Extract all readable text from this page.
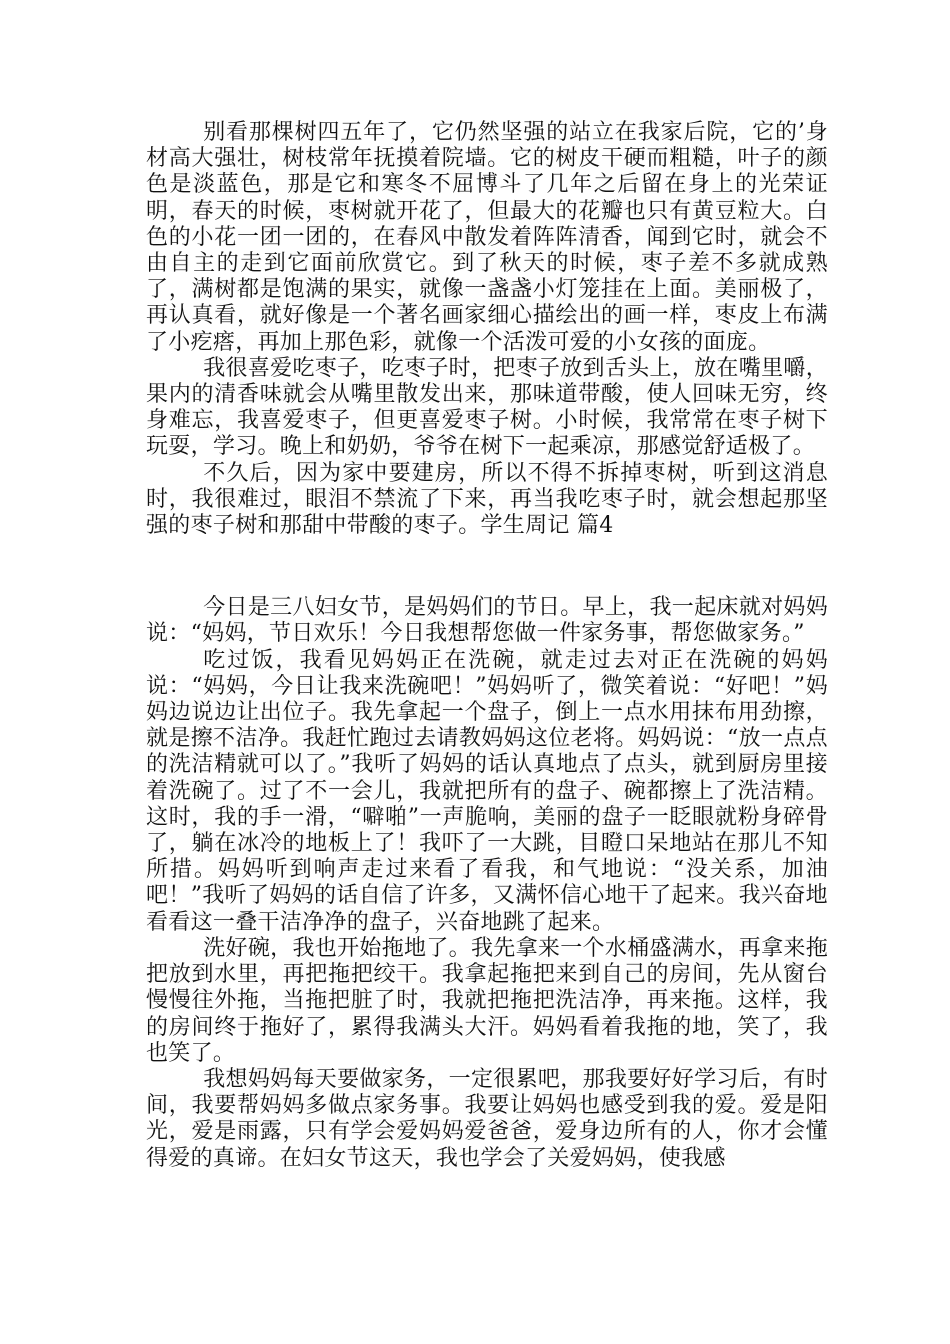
别看那棵树四五年了，它仍然坚强的站立在我家后院，它的’身材高大强壮，树枝常年抚摸着院墙。它的树皮干硬而粗糙，叶子的颜色是淡蓝色，那是它和寒冬不屈博斗了几年之后留在身上的光荣证明，春天的时候，枣树就开花了，但最大的花瓣也只有黄豆粒大。白色的小花一团一团的，在春风中散发着阵阵清香，闻到它时，就会不由自主的走到它面前欣赏它。到了秋天的时候，枣子差不多就成熟了，满树都是饱满的果实，就像一盏盏小灯笼挂在上面。美丽极了，再认真看，就好像是一个著名画家细心描绘出的画一样，枣皮上布满了小疙瘩，再加上那色彩，就像一个活泼可爱的小女孩的面庞。

我很喜爱吃枣子，吃枣子时，把枣子放到舌头上，放在嘴里嚼，果内的清香味就会从嘴里散发出来，那味道带酸，使人回味无穷，终身难忘，我喜爱枣子，但更喜爱枣子树。小时候，我常常在枣子树下玩耍，学习。晚上和奶奶，爷爷在树下一起乘凉，那感觉舒适极了。

不久后，因为家中要建房，所以不得不拆掉枣树，听到这消息时，我很难过，眼泪不禁流了下来，再当我吃枣子时，就会想起那坚强的枣子树和那甜中带酸的枣子。学生周记 篇4

今日是三八妇女节，是妈妈们的节日。早上，我一起床就对妈妈说：“妈妈，节日欢乐！今日我想帮您做一件家务事，帮您做家务。”

吃过饭，我看见妈妈正在洗碗，就走过去对正在洗碗的妈妈说：“妈妈，今日让我来洗碗吧！”妈妈听了，微笑着说：“好吧！”妈妈边说边让出位子。我先拿起一个盘子，倒上一点水用抹布用劲擦，就是擦不洁净。我赶忙跑过去请教妈妈这位老将。妈妈说：“放一点点的洗洁精就可以了。”我听了妈妈的话认真地点了点头，就到厨房里接着洗碗了。过了不一会儿，我就把所有的盘子、碗都擦上了洗洁精。这时，我的手一滑，“噼啪”一声脆响，美丽的盘子一眨眼就粉身碎骨了，躺在冰冷的地板上了！我吓了一大跳，目瞪口呆地站在那儿不知所措。妈妈听到响声走过来看了看我，和气地说：“没关系，加油吧！”我听了妈妈的话自信了许多，又满怀信心地干了起来。我兴奋地看看这一叠干洁净净的盘子，兴奋地跳了起来。

洗好碗，我也开始拖地了。我先拿来一个水桶盛满水，再拿来拖把放到水里，再把拖把绞干。我拿起拖把来到自己的房间，先从窗台慢慢往外拖，当拖把脏了时，我就把拖把洗洁净，再来拖。这样，我的房间终于拖好了，累得我满头大汗。妈妈看着我拖的地，笑了，我也笑了。

我想妈妈每天要做家务，一定很累吧，那我要好好学习后，有时间，我要帮妈妈多做点家务事。我要让妈妈也感受到我的爱。爱是阳光，爱是雨露，只有学会爱妈妈爱爸爸，爱身边所有的人，你才会懂得爱的真谛。在妇女节这天，我也学会了关爱妈妈，使我感
